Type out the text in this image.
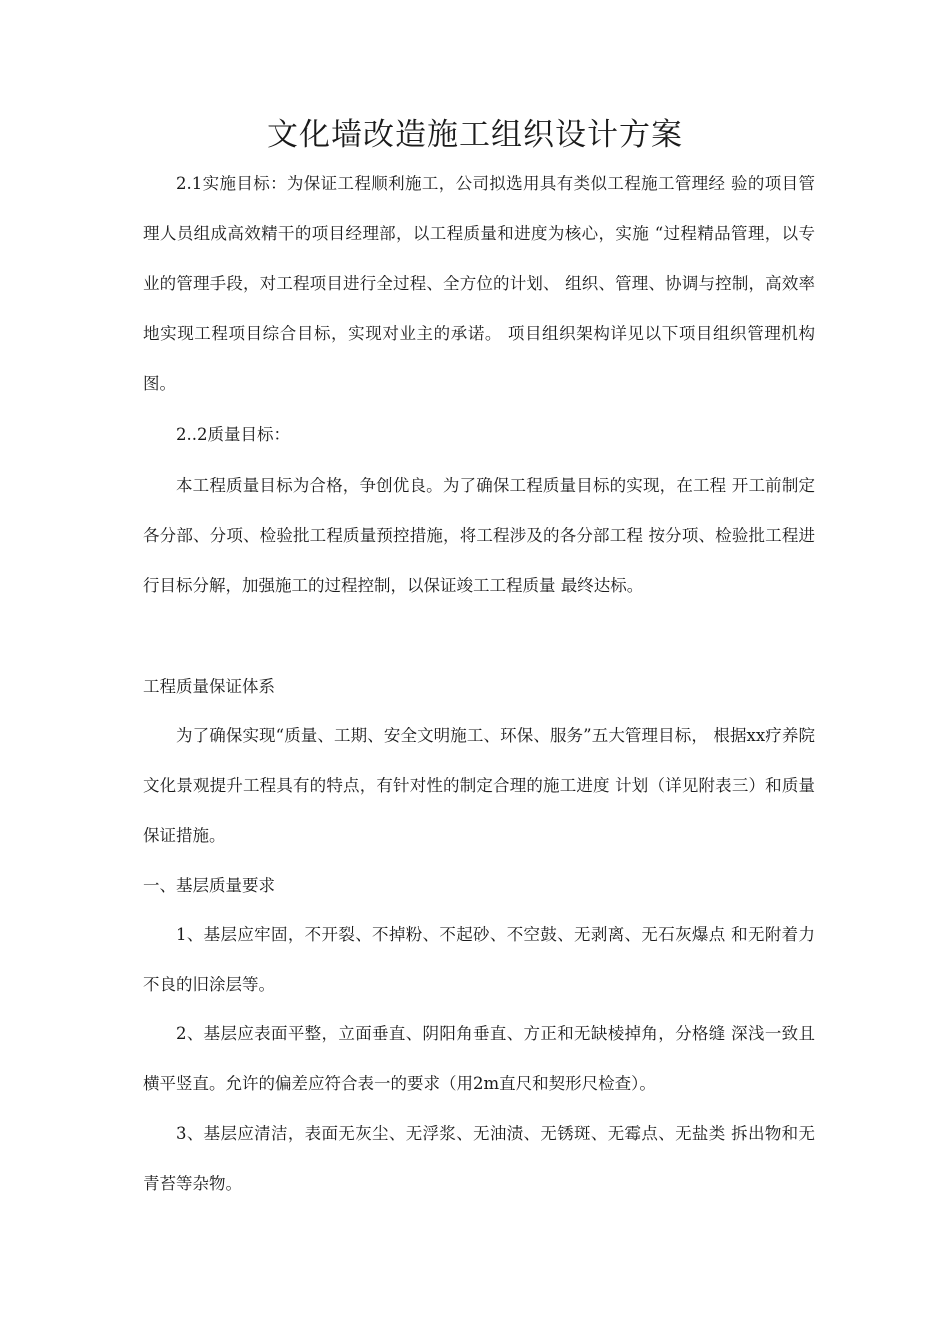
文化墙改造施工组织设计方案

2.1实施目标：为保证工程顺利施工，公司拟选用具有类似工程施工管理经 验的项目管理人员组成高效精干的项目经理部，以工程质量和进度为核心，实施 “过程精品管理，以专业的管理手段，对工程项目进行全过程、全方位的计划、 组织、管理、协调与控制，高效率地实现工程项目综合目标，实现对业主的承诺。 项目组织架构详见以下项目组织管理机构图。

2..2质量目标：

本工程质量目标为合格，争创优良。为了确保工程质量目标的实现，在工程 开工前制定各分部、分项、检验批工程质量预控措施，将工程涉及的各分部工程 按分项、检验批工程进行目标分解，加强施工的过程控制，以保证竣工工程质量 最终达标。

工程质量保证体系

为了确保实现“质量、工期、安全文明施工、环保、服务”五大管理目标， 根据xx疗养院文化景观提升工程具有的特点，有针对性的制定合理的施工进度 计划（详见附表三）和质量保证措施。

一、基层质量要求

1、基层应牢固，不开裂、不掉粉、不起砂、不空鼓、无剥离、无石灰爆点 和无附着力不良的旧涂层等。

2、基层应表面平整，立面垂直、阴阳角垂直、方正和无缺棱掉角，分格缝 深浅一致且横平竖直。允许的偏差应符合表一的要求（用2m直尺和契形尺检查）。

3、基层应清洁，表面无灰尘、无浮浆、无油渍、无锈斑、无霉点、无盐类 拆出物和无青苔等杂物。
